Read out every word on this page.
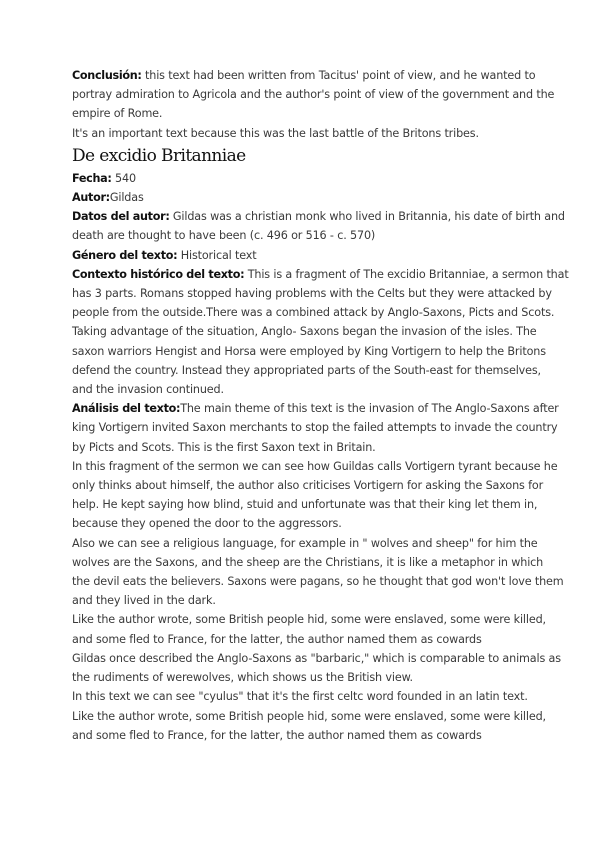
Conclusión: this text had been written from Tacitus' point of view, and he wanted to
portray admiration to Agricola and the author's point of view of the government and the
empire of Rome.
It's an important text because this was the last battle of the Britons tribes.
De excidio Britanniae
Fecha: 540
Autor:Gildas
Datos del autor: Gildas was a christian monk who lived in Britannia, his date of birth and
death are thought to have been (c. 496 or 516 - c. 570)
Género del texto: Historical text
Contexto histórico del texto: This is a fragment of The excidio Britanniae, a sermon that
has 3 parts. Romans stopped having problems with the Celts but they were attacked by
people from the outside.There was a combined attack by Anglo-Saxons, Picts and Scots.
Taking advantage of the situation, Anglo- Saxons began the invasion of the isles. The
saxon warriors Hengist and Horsa were employed by King Vortigern to help the Britons
defend the country. Instead they appropriated parts of the South-east for themselves,
and the invasion continued.
Análisis del texto:The main theme of this text is the invasion of The Anglo-Saxons after
king Vortigern invited Saxon merchants to stop the failed attempts to invade the country
by Picts and Scots. This is the first Saxon text in Britain.
In this fragment of the sermon we can see how Guildas calls Vortigern tyrant because he
only thinks about himself, the author also criticises Vortigern for asking the Saxons for
help. He kept saying how blind, stuid and unfortunate was that their king let them in,
because they opened the door to the aggressors.
Also we can see a religious language, for example in " wolves and sheep" for him the
wolves are the Saxons, and the sheep are the Christians, it is like a metaphor in which
the devil eats the believers. Saxons were pagans, so he thought that god won't love them
and they lived in the dark.
Like the author wrote, some British people hid, some were enslaved, some were killed,
and some fled to France, for the latter, the author named them as cowards
Gildas once described the Anglo-Saxons as "barbaric," which is comparable to animals as
the rudiments of werewolves, which shows us the British view.
In this text we can see "cyulus" that it's the first celtc word founded in an latin text.
Like the author wrote, some British people hid, some were enslaved, some were killed,
and some fled to France, for the latter, the author named them as cowards
